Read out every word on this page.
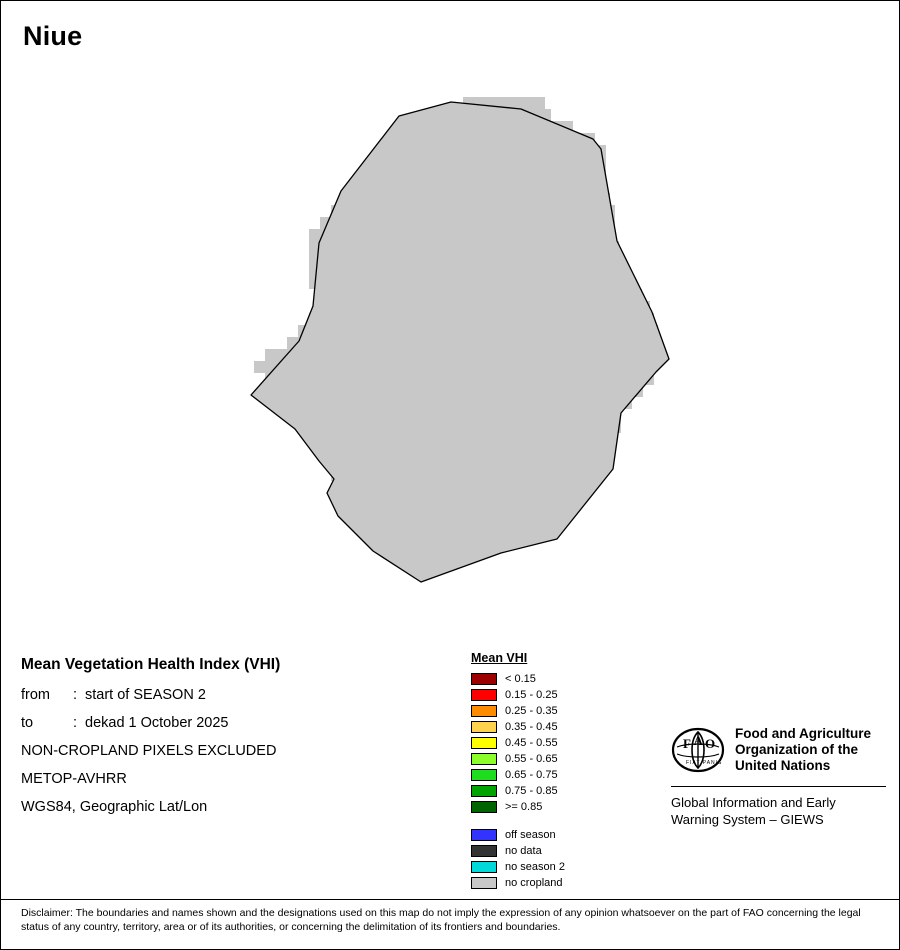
Niue
Mean Vegetation Health Index (VHI)
from : start of SEASON 2
to	: dekad 1 October 2025
NON-CROPLAND PIXELS EXCLUDED
METOP-AVHRR
WGS84, Geographic Lat/Lon
Mean VHI
< 0.15
0.15 - 0.25
0.25 - 0.35
0.35 - 0.45
0.45 - 0.55
0.55 - 0.65
0.65 - 0.75
0.75 - 0.85
>= 0.85
off season
no data
no season 2
no cropland
F A O
FIAT PANIS
Food and Agriculture
Organization of the
United Nations
Global Information and Early
Warning System – GIEWS
Disclaimer: The boundaries and names shown and the designations used on this map do not imply the expression of any opinion whatsoever on the part of FAO concerning the legal status of any country, territory, area or of its authorities, or concerning the delimitation of its frontiers and boundaries.
